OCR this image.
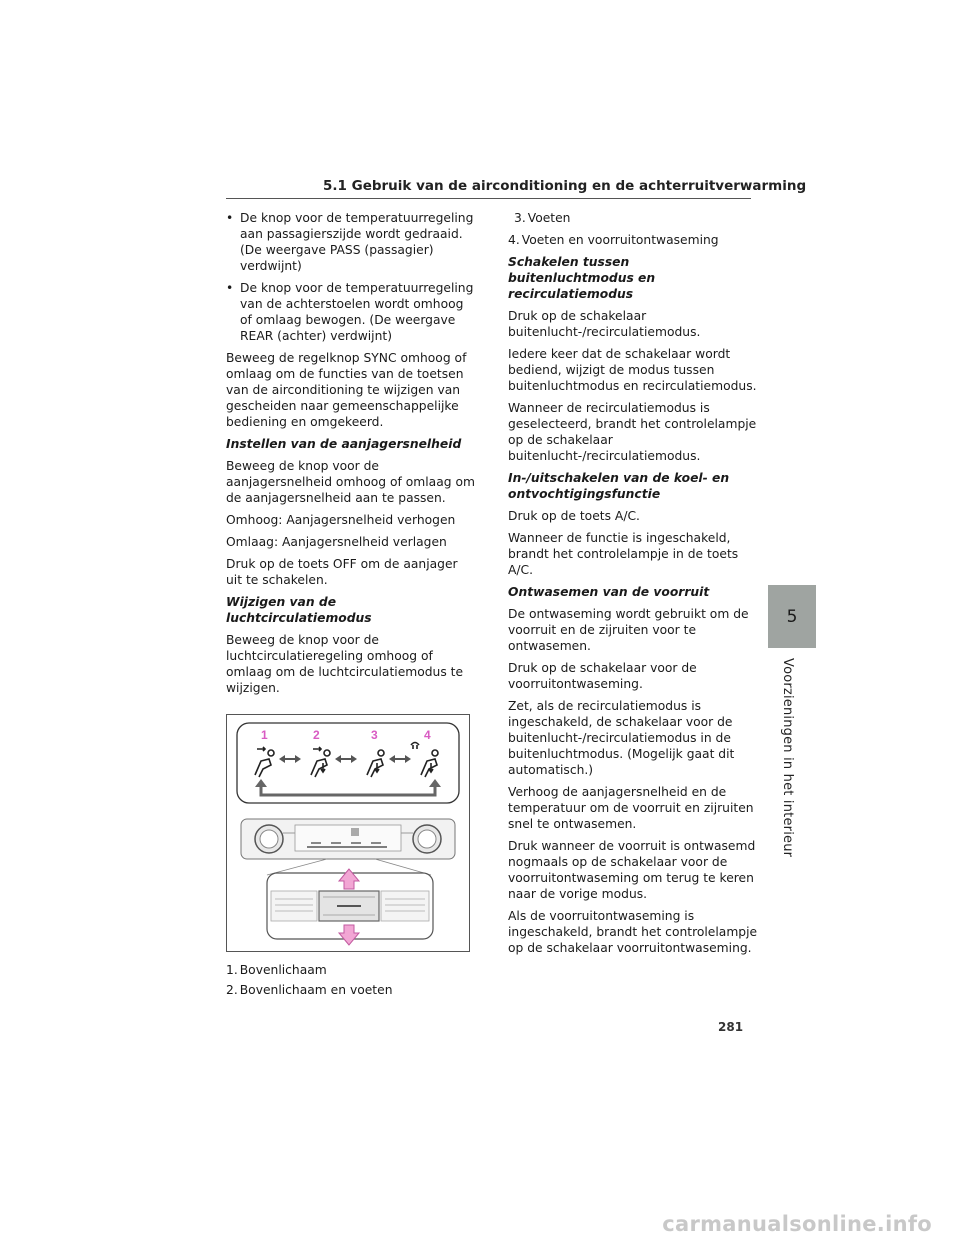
5.1 Gebruik van de airconditioning en de achterruitverwarming
• De knop voor de temperatuurregeling aan passagierszijde wordt gedraaid. (De weergave PASS (passagier) verdwijnt)
• De knop voor de temperatuurregeling van de achterstoelen wordt omhoog of omlaag bewogen. (De weergave REAR (achter) verdwijnt)

Beweeg de regelknop SYNC omhoog of omlaag om de functies van de toetsen van de airconditioning te wijzigen van gescheiden naar gemeenschappelijke bediening en omgekeerd.

Instellen van de aanjagersnelheid

Beweeg de knop voor de aanjagersnelheid omhoog of omlaag om de aanjagersnelheid aan te passen.

Omhoog: Aanjagersnelheid verhogen

Omlaag: Aanjagersnelheid verlagen

Druk op de toets OFF om de aanjager uit te schakelen.

Wijzigen van de luchtcirculatiemodus

Beweeg de knop voor de luchtcirculatieregeling omhoog of omlaag om de luchtcirculatiemodus te wijzigen.

1	2	3	4
1. Bovenlichaam
2. Bovenlichaam en voeten
3. Voeten
4. Voeten en voorruitontwaseming

Schakelen tussen buitenluchtmodus en recirculatiemodus

Druk op de schakelaar buitenlucht-/recirculatiemodus.

Iedere keer dat de schakelaar wordt bediend, wijzigt de modus tussen buitenluchtmodus en recirculatiemodus.

Wanneer de recirculatiemodus is geselecteerd, brandt het controlelampje op de schakelaar buitenlucht-/recirculatiemodus.

In-/uitschakelen van de koel- en ontvochtigingsfunctie

Druk op de toets A/C.

Wanneer de functie is ingeschakeld, brandt het controlelampje in de toets A/C.

Ontwasemen van de voorruit

De ontwaseming wordt gebruikt om de voorruit en de zijruiten voor te ontwasemen.

Druk op de schakelaar voor de voorruitontwaseming.

Zet, als de recirculatiemodus is ingeschakeld, de schakelaar voor de buitenlucht-/recirculatiemodus in de buitenluchtmodus. (Mogelijk gaat dit automatisch.)

Verhoog de aanjagersnelheid en de temperatuur om de voorruit en zijruiten snel te ontwasemen.

Druk wanneer de voorruit is ontwasemd nogmaals op de schakelaar voor de voorruitontwaseming om terug te keren naar de vorige modus.

Als de voorruitontwaseming is ingeschakeld, brandt het controlelampje op de schakelaar voorruitontwaseming.

5
Voorzieningen in het interieur
281
carmanualsonline.info
